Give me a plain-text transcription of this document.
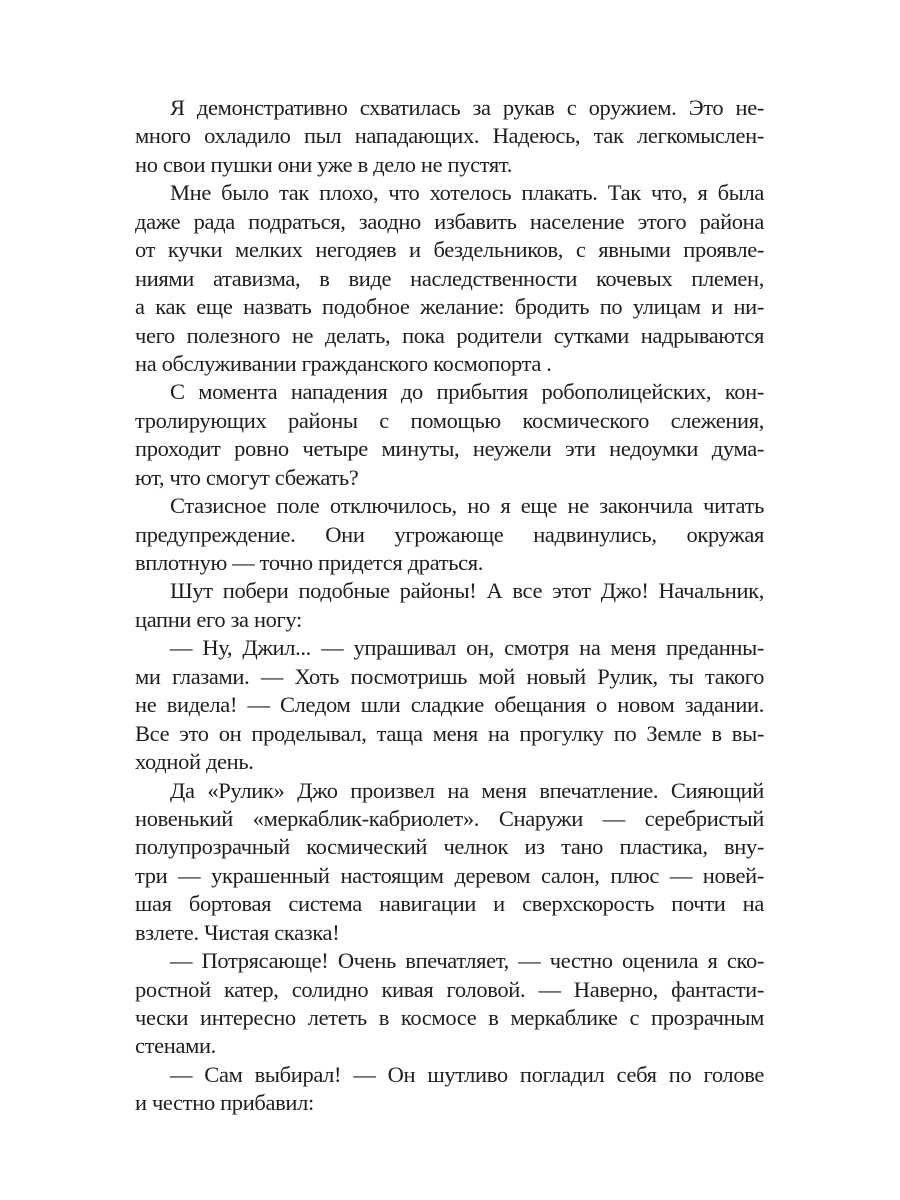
Я демонстративно схватилась за рукав с оружием. Это не-
много охладило пыл нападающих. Надеюсь, так легкомыслен-
но свои пушки они уже в дело не пустят.
Мне было так плохо, что хотелось плакать. Так что, я была
даже рада подраться, заодно избавить население этого района
от кучки мелких негодяев и бездельников, с явными проявле-
ниями атавизма, в виде наследственности кочевых племен,
а как еще назвать подобное желание: бродить по улицам и ни-
чего полезного не делать, пока родители сутками надрываются
на обслуживании гражданского космопорта .
С момента нападения до прибытия робополицейских, кон-
тролирующих районы с помощью космического слежения,
проходит ровно четыре минуты, неужели эти недоумки дума-
ют, что смогут сбежать?
Стазисное поле отключилось, но я еще не закончила читать
предупреждение. Они угрожающе надвинулись, окружая
вплотную — точно придется драться.
Шут побери подобные районы! А все этот Джо! Начальник,
цапни его за ногу:
— Ну, Джил... — упрашивал он, смотря на меня преданны-
ми глазами. — Хоть посмотришь мой новый Рулик, ты такого
не видела! — Следом шли сладкие обещания о новом задании.
Все это он проделывал, таща меня на прогулку по Земле в вы-
ходной день.
Да «Рулик» Джо произвел на меня впечатление. Сияющий
новенький «меркаблик-кабриолет». Снаружи — серебристый
полупрозрачный космический челнок из тано пластика, вну-
три — украшенный настоящим деревом салон, плюс — новей-
шая бортовая система навигации и сверхскорость почти на
взлете. Чистая сказка!
— Потрясающе! Очень впечатляет, — честно оценила я ско-
ростной катер, солидно кивая головой. — Наверно, фантасти-
чески интересно лететь в космосе в меркаблике с прозрачным
стенами.
— Сам выбирал! — Он шутливо погладил себя по голове
и честно прибавил:
